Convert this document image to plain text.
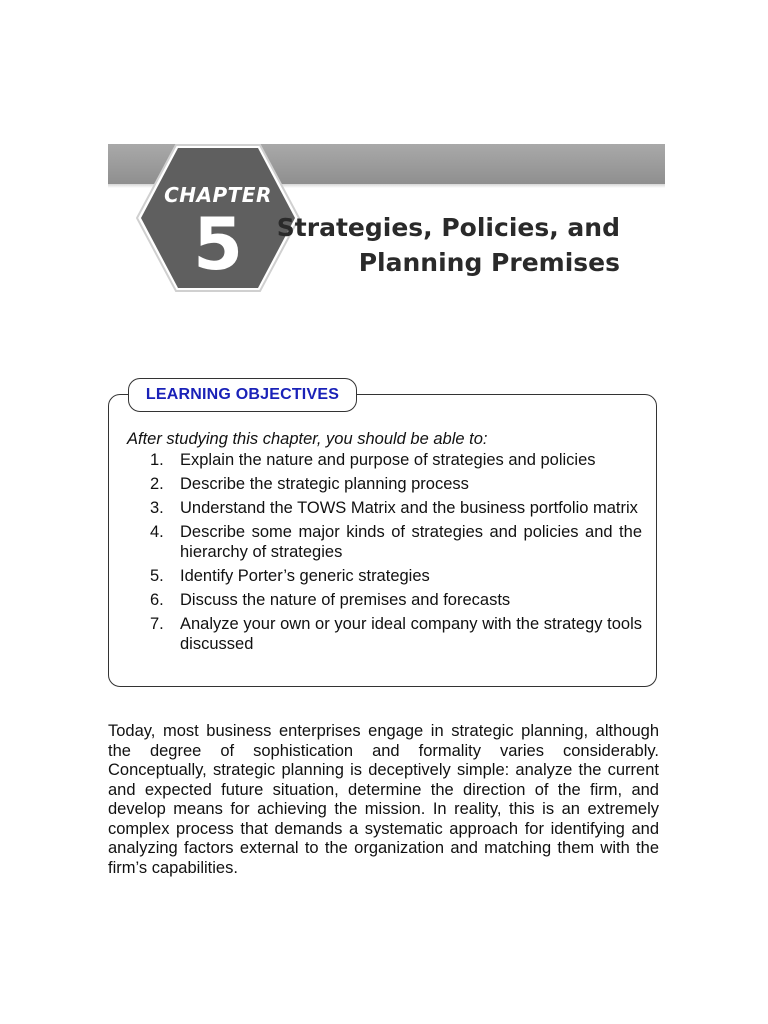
CHAPTER
5	Strategies, Policies, and
Planning Premises
LEARNING OBJECTIVES
After studying this chapter, you should be able to:
1. Explain the nature and purpose of strategies and policies
2. Describe the strategic planning process
3. Understand the TOWS Matrix and the business portfolio matrix
4. Describe some major kinds of strategies and policies and the hierarchy of strategies
5. Identify Porter’s generic strategies
6. Discuss the nature of premises and forecasts
7. Analyze your own or your ideal company with the strategy tools discussed

Today, most business enterprises engage in strategic planning, although the degree of sophistication and formality varies considerably. Conceptually, strategic planning is deceptively simple: analyze the current and expected future situation, determine the direction of the firm, and develop means for achieving the mission. In reality, this is an extremely complex process that demands a systematic approach for identifying and analyzing factors external to the organization and matching them with the firm’s capabilities.
